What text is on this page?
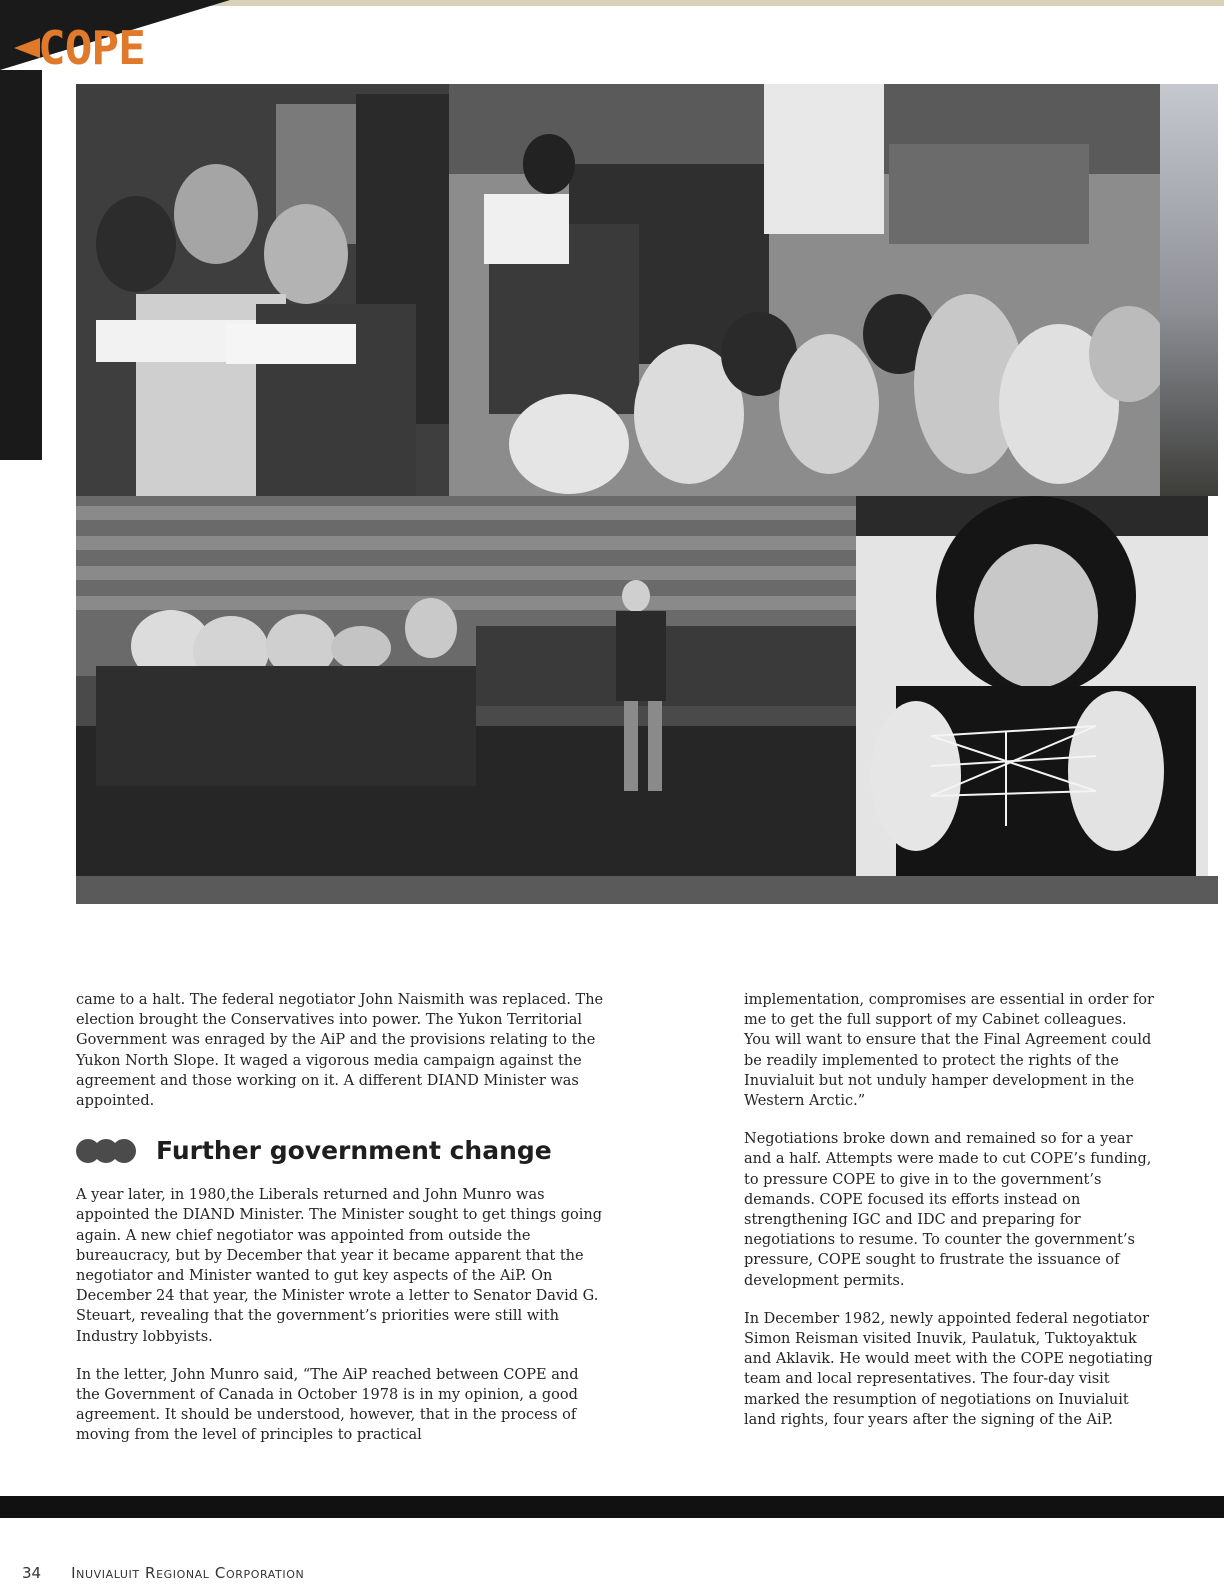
COPE

came to a halt. The federal negotiator John Naismith was replaced. The election brought the Conservatives into power. The Yukon Territorial Government was enraged by the AiP and the provisions relating to the Yukon North Slope. It waged a vigorous media campaign against the agreement and those working on it. A different DIAND Minister was appointed.

Further government change

A year later, in 1980,the Liberals returned and John Munro was appointed the DIAND Minister. The Minister sought to get things going again. A new chief negotiator was appointed from outside the bureaucracy, but by December that year it became apparent that the negotiator and Minister wanted to gut key aspects of the AiP. On December 24 that year, the Minister wrote a letter to Senator David G. Steuart, revealing that the government’s priorities were still with Industry lobbyists.

In the letter, John Munro said, “The AiP reached between COPE and the Government of Canada in October 1978 is in my opinion, a good agreement. It should be understood, however, that in the process of moving from the level of principles to practical

implementation, compromises are essential in order for me to get the full support of my Cabinet colleagues. You will want to ensure that the Final Agreement could be readily implemented to protect the rights of the Inuvialuit but not unduly hamper development in the Western Arctic.”

Negotiations broke down and remained so for a year and a half. Attempts were made to cut COPE’s funding, to pressure COPE to give in to the government’s demands. COPE focused its efforts instead on strengthening IGC and IDC and preparing for negotiations to resume. To counter the government’s pressure, COPE sought to frustrate the issuance of development permits.

In December 1982, newly appointed federal negotiator Simon Reisman visited Inuvik, Paulatuk, Tuktoyaktuk and Aklavik. He would meet with the COPE negotiating team and local representatives. The four-day visit marked the resumption of negotiations on Inuvialuit land rights, four years after the signing of the AiP.

34 Inuvialuit Regional Corporation
